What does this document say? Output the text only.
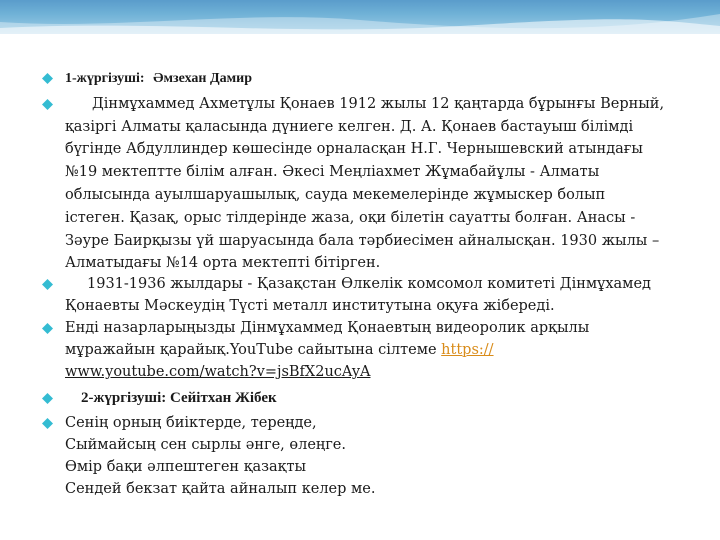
1-жүргізуші: Әмзехан Дамир
Дінмұхаммед Ахметұлы Қонаев 1912 жылы 12 қаңтарда бұрынғы Верный,
қазіргі Алматы қаласында дүниеге келген. Д. А. Қонаев бастауыш білімді
бүгінде Абдуллиндер көшесінде орналасқан Н.Г. Чернышевский атындағы
№19 мектептте білім алған. Әкесі Меңлiахмет Жұмабайұлы - Алматы
облысында ауылшаруашылық, сауда мекемелерінде жұмыскер болып
істеген. Қазақ, орыс тілдерінде жаза, оқи білетін сауатты болған. Анасы -
Зәуре Баирқызы үй шаруасында бала тәрбиесімен айналысқан. 1930 жылы –
Алматыдағы №14 орта мектепті бітірген.
1931-1936 жылдары - Қазақстан Өлкелік комсомол комитеті Дінмұхамед
Қонаевты Мәскеудің Түсті металл институтына оқуға жібереді.
Енді назарларыңызды Дінмұхаммед Қонаевтың видеоролик арқылы
мұражайын қарайық.YouTube сайытына сілтеме https://
www.youtube.com/watch?v=jsBfX2ucAyA
2-жүргізуші: Сейітхан Жібек
Сенің орның биіктерде, тереңде,
Сыймайсың сен сырлы әнге, өлеңге.
Өмір бақи әлпештеген қазақты
Сендей бекзат қайта айналып келер ме.
